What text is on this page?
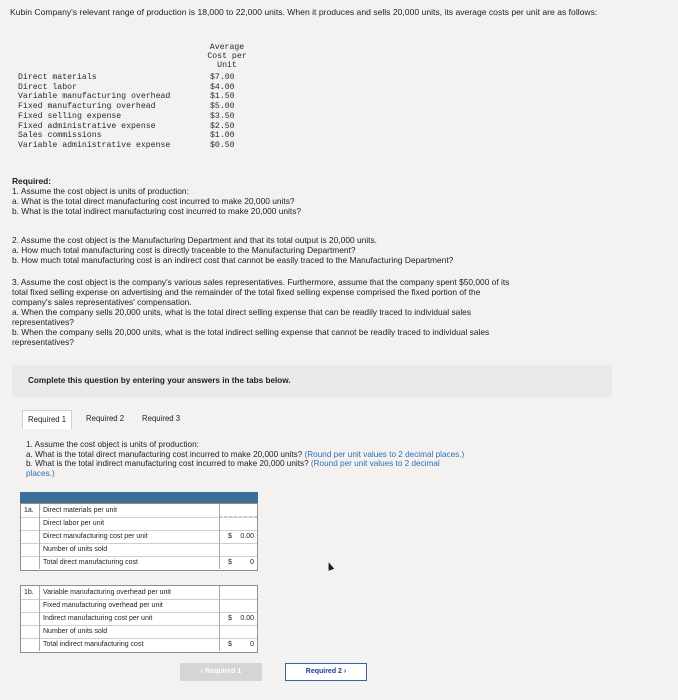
Kubin Company's relevant range of production is 18,000 to 22,000 units. When it produces and sells 20,000 units, its average costs per unit are as follows:

Average
Cost per
Unit
Direct materials	$7.00
Direct labor	$4.00
Variable manufacturing overhead	$1.50
Fixed manufacturing overhead	$5.00
Fixed selling expense	$3.50
Fixed administrative expense	$2.50
Sales commissions	$1.00
Variable administrative expense	$0.50

Required:

1. Assume the cost object is units of production:

a. What is the total direct manufacturing cost incurred to make 20,000 units?

b. What is the total indirect manufacturing cost incurred to make 20,000 units?

2. Assume the cost object is the Manufacturing Department and that its total output is 20,000 units.

a. How much total manufacturing cost is directly traceable to the Manufacturing Department?

b. How much total manufacturing cost is an indirect cost that cannot be easily traced to the Manufacturing Department?

3. Assume the cost object is the company's various sales representatives. Furthermore, assume that the company spent $50,000 of its

total fixed selling expense on advertising and the remainder of the total fixed selling expense comprised the fixed portion of the

company's sales representatives' compensation.

a. When the company sells 20,000 units, what is the total direct selling expense that can be readily traced to individual sales

representatives?

b. When the company sells 20,000 units, what is the total indirect selling expense that cannot be readily traced to individual sales

representatives?

Complete this question by entering your answers in the tabs below.

Required 1	Required 2	Required 3
1. Assume the cost object is units of production:
a. What is the total direct manufacturing cost incurred to make 20,000 units? (Round per unit values to 2 decimal places.)
b. What is the total indirect manufacturing cost incurred to make 20,000 units? (Round per unit values to 2 decimal
places.)
1a.	Direct materials per unit
Direct labor per unit
Direct manufacturing cost per unit	$ 0.00
Number of units sold
Total direct manufacturing cost	$	0
1b.	Variable manufacturing overhead per unit
Fixed manufacturing overhead per unit
Indirect manufacturing cost per unit	$ 0.00
Number of units sold
Total indirect manufacturing cost	$	0
‹ Required 1	Required 2 ›
